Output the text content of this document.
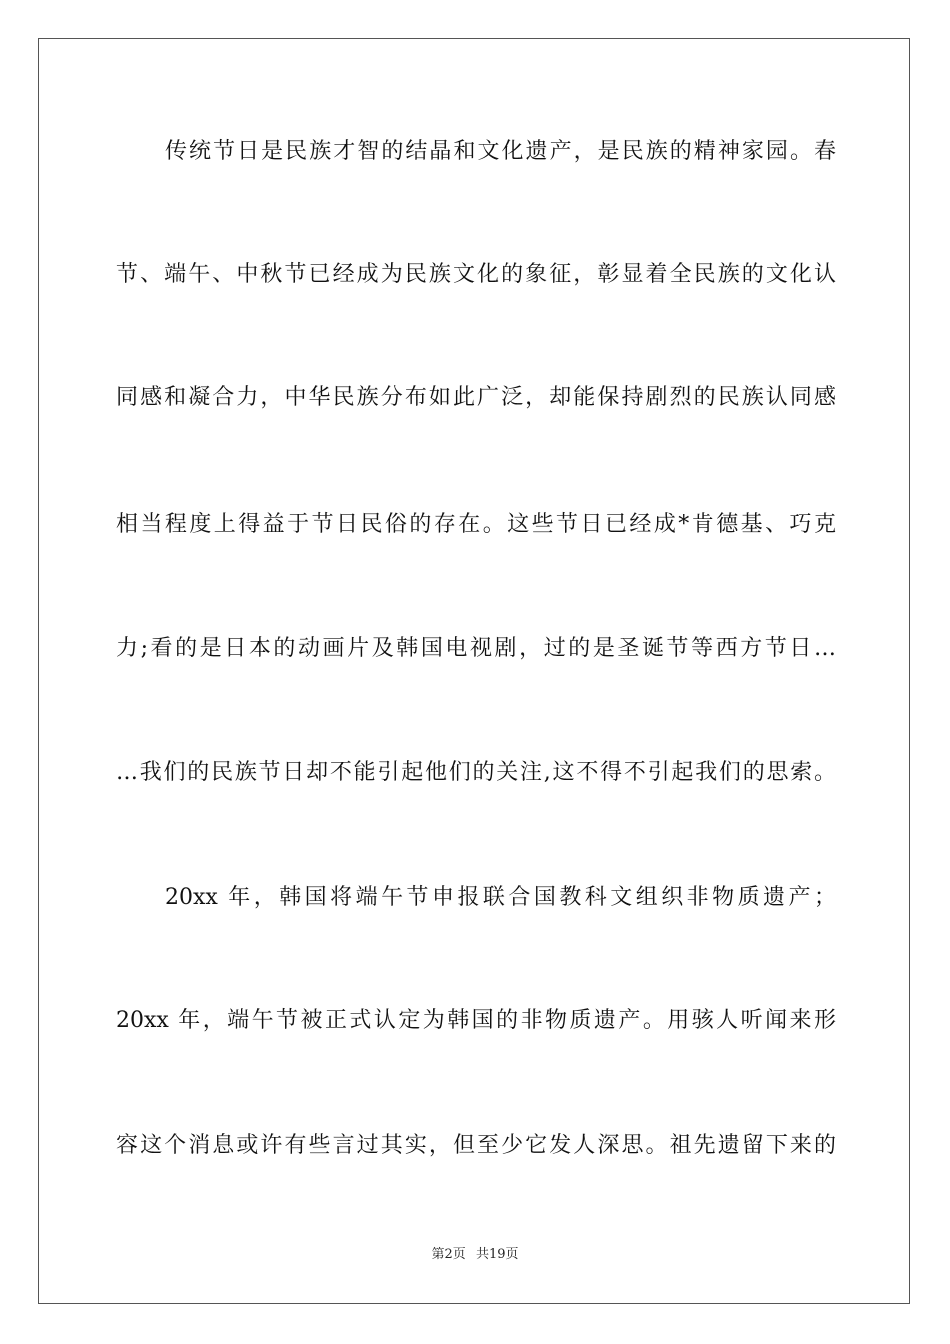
传统节日是民族才智的结晶和文化遗产，是民族的精神家园。春
节、端午、中秋节已经成为民族文化的象征，彰显着全民族的文化认
同感和凝合力，中华民族分布如此广泛，却能保持剧烈的民族认同感
相当程度上得益于节日民俗的存在。这些节日已经成*肯德基、巧克
力;看的是日本的动画片及韩国电视剧，过的是圣诞节等西方节日…
…我们的民族节日却不能引起他们的关注,这不得不引起我们的思索。
20xx 年，韩国将端午节申报联合国教科文组织非物质遗产；
20xx 年，端午节被正式认定为韩国的非物质遗产。用骇人听闻来形
容这个消息或许有些言过其实，但至少它发人深思。祖先遗留下来的
第2页 共19页
